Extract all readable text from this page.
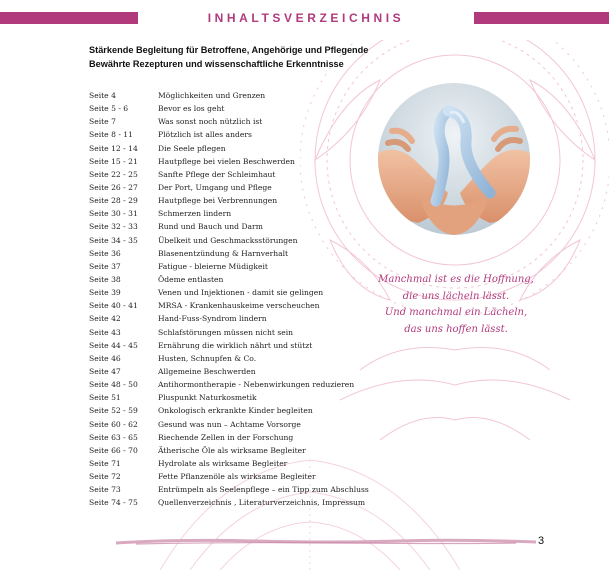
INHALTSVERZEICHNIS
Stärkende Begleitung für Betroffene, Angehörige und Pflegende
Bewährte Rezepturen und wissenschaftliche Erkenntnisse
Seite 4	Möglichkeiten und Grenzen
Seite 5 - 6	Bevor es los geht
Seite 7	Was sonst noch nützlich ist
Seite 8 - 11	Plötzlich ist alles anders
Seite 12 - 14	Die Seele pflegen
Seite 15 - 21	Hautpflege bei vielen Beschwerden
Seite 22 - 25	Sanfte Pflege der Schleimhaut
Seite 26 - 27	Der Port, Umgang und Pflege
Seite 28 - 29	Hautpflege bei Verbrennungen
Seite 30 - 31	Schmerzen lindern
Seite 32 - 33	Rund und Bauch und Darm
Seite 34 - 35	Übelkeit und Geschmacksstörungen
Seite 36	Blasenentzündung & Harnverhalt
Seite 37	Fatigue - bleierne Müdigkeit
Seite 38	Ödeme entlasten
Seite 39	Venen und Injektionen - damit sie gelingen
Seite 40 - 41	MRSA - Krankenhauskeime verscheuchen
Seite 42	Hand-Fuss-Syndrom lindern
Seite 43	Schlafstörungen müssen nicht sein
Seite 44 - 45	Ernährung die wirklich nährt und stützt
Seite 46	Husten, Schnupfen & Co.
Seite 47	Allgemeine Beschwerden
Seite 48 - 50	Antihormontherapie - Nebenwirkungen reduzieren
Seite 51	Pluspunkt Naturkosmetik
Seite 52 - 59	Onkologisch erkrankte Kinder begleiten
Seite 60 - 62	Gesund was nun – Achtame Vorsorge
Seite 63 - 65	Riechende Zellen in der Forschung
Seite 66 - 70	Ätherische Öle als wirksame Begleiter
Seite 71	Hydrolate als wirksame Begleiter
Seite 72	Fette Pflanzenöle als wirksame Begleiter
Seite 73	Entrümpeln als Seelenpflege – ein Tipp zum Abschluss
Seite 74 - 75	Quellenverzeichnis , Literaturverzeichnis, Impressum
Manchmal ist es die Hoffnung,
die uns lächeln lässt.
Und manchmal ein Lächeln,
das uns hoffen lässt.
3
